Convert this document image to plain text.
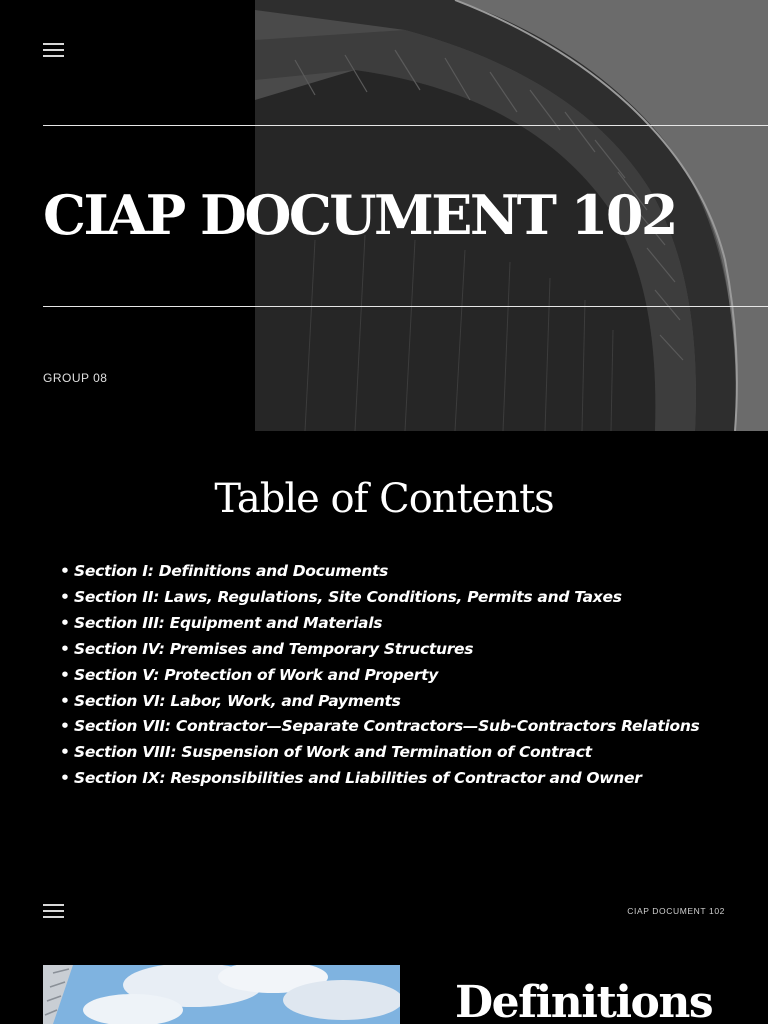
CIAP DOCUMENT 102
GROUP 08
Table of Contents
• Section I: Definitions and Documents
• Section II: Laws, Regulations, Site Conditions, Permits and Taxes
• Section III: Equipment and Materials
• Section IV: Premises and Temporary Structures
• Section V: Protection of Work and Property
• Section VI: Labor, Work, and Payments
• Section VII: Contractor—Separate Contractors—Sub-Contractors Relations
• Section VIII: Suspension of Work and Termination of Contract
• Section IX: Responsibilities and Liabilities of Contractor and Owner
CIAP DOCUMENT 102
Definitions
